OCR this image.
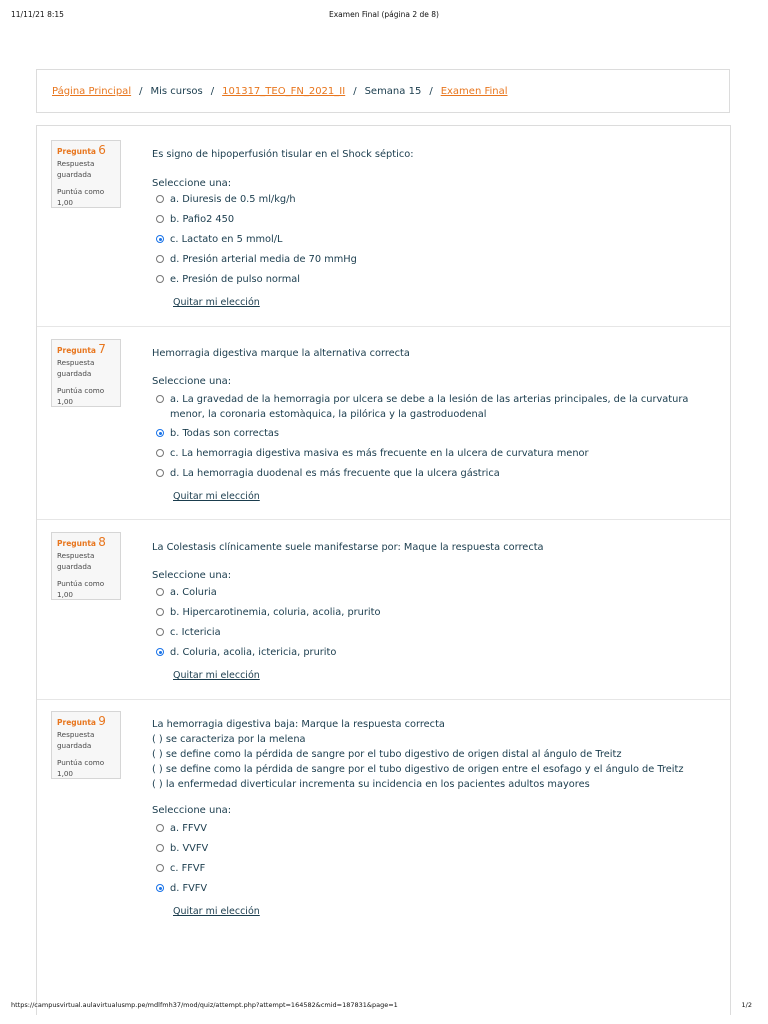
11/11/21 8:15	Examen Final (página 2 de 8)
Página Principal / Mis cursos / 101317_TEO_FN_2021_II / Semana 15 / Examen Final
Pregunta 6
Respuesta guardada
Puntúa como 1,00
Es signo de hipoperfusión tisular en el Shock séptico:
Seleccione una:
a. Diuresis de 0.5 ml/kg/h
b. Pafio2 450
c. Lactato en 5 mmol/L
d. Presión arterial media de 70 mmHg
e. Presión de pulso normal
Quitar mi elección
Pregunta 7
Respuesta guardada
Puntúa como 1,00
Hemorragia digestiva marque la alternativa correcta
Seleccione una:
a. La gravedad de la hemorragia por ulcera se debe a la lesión de las arterias principales, de la curvatura menor, la coronaria estomàquica, la pilórica y la gastroduodenal
b. Todas son correctas
c. La hemorragia digestiva masiva es más frecuente en la ulcera de curvatura menor
d. La hemorragia duodenal es más frecuente que la ulcera gástrica
Quitar mi elección
Pregunta 8
Respuesta guardada
Puntúa como 1,00
La Colestasis clínicamente suele manifestarse por: Maque la respuesta correcta
Seleccione una:
a. Coluria
b. Hipercarotinemia, coluria, acolia, prurito
c. Ictericia
d. Coluria, acolia, ictericia, prurito
Quitar mi elección
Pregunta 9
Respuesta guardada
Puntúa como 1,00
La hemorragia digestiva baja: Marque la respuesta correcta
( ) se caracteriza por la melena
( ) se define como la pérdida de sangre por el tubo digestivo de origen distal al ángulo de Treitz
( ) se define como la pérdida de sangre por el tubo digestivo de origen entre el esofago y el ángulo de Treitz
( ) la enfermedad diverticular incrementa su incidencia en los pacientes adultos mayores
Seleccione una:
a. FFVV
b. VVFV
c. FFVF
d. FVFV
Quitar mi elección
https://campusvirtual.aulavirtualusmp.pe/mdlfmh37/mod/quiz/attempt.php?attempt=164582&cmid=187831&page=1	1/2
